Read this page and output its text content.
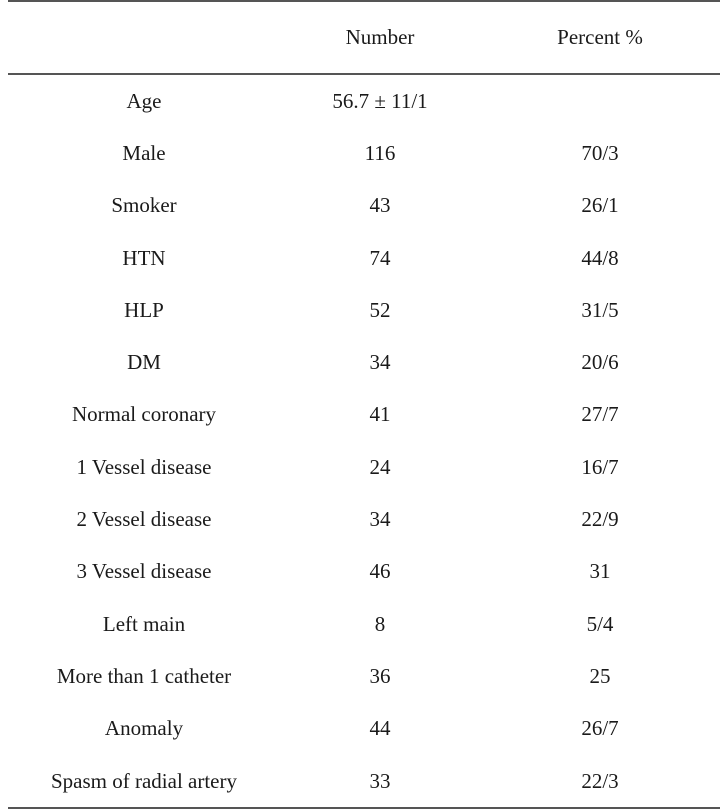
	Number	Percent %
Age	56.7 ± 11/1	
Male	116	70/3
Smoker	43	26/1
HTN	74	44/8
HLP	52	31/5
DM	34	20/6
Normal coronary	41	27/7
1 Vessel disease	24	16/7
2 Vessel disease	34	22/9
3 Vessel disease	46	31
Left main	8	5/4
More than 1 catheter	36	25
Anomaly	44	26/7
Spasm of radial artery	33	22/3
